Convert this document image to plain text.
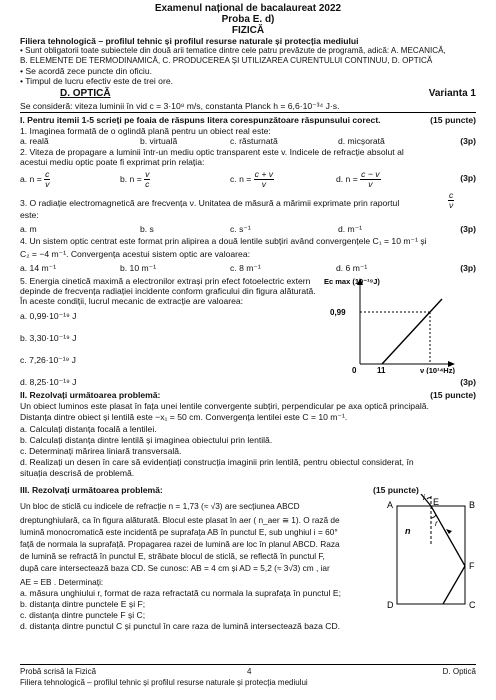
Examenul național de bacalaureat 2022
Proba E. d)
FIZICĂ
Filiera tehnologică – profilul tehnic și profilul resurse naturale și protecția mediului
• Sunt obligatorii toate subiectele din două arii tematice dintre cele patru prevăzute de programă, adică: A. MECANICĂ,
B. ELEMENTE DE TERMODINAMICĂ, C. PRODUCEREA ȘI UTILIZAREA CURENTULUI CONTINUU, D. OPTICĂ
• Se acordă zece puncte din oficiu.
• Timpul de lucru efectiv este de trei ore.
D. OPTICĂ	Varianta 1
Se consideră: viteza luminii în vid c = 3·10⁸ m/s, constanta Planck h = 6,6·10⁻³⁴ J·s.
I. Pentru itemii 1-5 scrieți pe foaia de răspuns litera corespunzătoare răspunsului corect.	(15 puncte)
1. Imaginea formată de o oglindă plană pentru un obiect real este:
a. reală	b. virtuală	c. răsturnată	d. micșorată	(3p)
2. Viteza de propagare a luminii într-un mediu optic transparent este v. Indicele de refracție absolut al
acestui mediu optic poate fi exprimat prin relația:
a. $n = \frac{c}{v}$	b. $n = \frac{v}{c}$	c. $n = \frac{c + v}{v}$	d. $n = \frac{c - v}{v}$	(3p)
3. O radiație electromagnetică are frecvența ν. Unitatea de măsură a mărimii exprimate prin raportul	$\frac{c}{\nu}$
este:
a. m	b. s	c. s⁻¹	d. m⁻¹	(3p)
4. Un sistem optic centrat este format prin alipirea a două lentile subțiri având convergențele C₁ = 10 m⁻¹ și
C₂ = −4 m⁻¹. Convergența acestui sistem optic are valoarea:
a. 14 m⁻¹	b. 10 m⁻¹	c. 8 m⁻¹	d. 6 m⁻¹	(3p)
5. Energia cinetică maximă a electronilor extrași prin efect fotoelectric extern
depinde de frecvența radiației incidente conform graficului din figura alăturată.
În aceste condiții, lucrul mecanic de extracție are valoarea:
a. 0,99·10⁻¹⁹ J
b. 3,30·10⁻¹⁹ J
c. 7,26·10⁻¹⁹ J
d. 8,25·10⁻¹⁹ J	(3p)
Ec max (10⁻¹⁹J)
0,99
0	11	ν (10¹⁴Hz)
II. Rezolvați următoarea problemă:	(15 puncte)
Un obiect luminos este plasat în fața unei lentile convergente subțiri, perpendicular pe axa optică principală.
Distanța dintre obiect și lentilă este −x₁ = 50 cm. Convergența lentilei este C = 10 m⁻¹.
a. Calculați distanța focală a lentilei.
b. Calculați distanța dintre lentilă și imaginea obiectului prin lentilă.
c. Determinați mărirea liniară transversală.
d. Realizați un desen în care să evidențiați construcția imaginii prin lentilă, pentru obiectul considerat, în
situația descrisă de problemă.
III. Rezolvați următoarea problemă:	(15 puncte)
Un bloc de sticlă cu indicele de refracție n = 1,73 (≈ √3) are secțiunea ABCD
dreptunghiulară, ca în figura alăturată. Blocul este plasat în aer ( n_aer ≅ 1). O rază de
lumină monocromatică este incidentă pe suprafața AB în punctul E, sub unghiul i = 60°
față de normala la suprafață. Propagarea razei de lumină are loc în planul ABCD. Raza
de lumină se refractă în punctul E, străbate blocul de sticlă, se reflectă în punctul F,
după care intersectează baza CD. Se cunosc: AB = 4 cm și AD = 5,2 (≈ 3√3) cm , iar
AE = EB . Determinați:
a. măsura unghiului r, format de raza refractată cu normala la suprafața în punctul E;
b. distanța dintre punctele E și F;
c. distanța dintre punctele F și C;
d. distanța dintre punctul C și punctul în care raza de lumină intersectează baza CD.
A	E	B
D	C
F
n
i
r
Probă scrisă la Fizică	4	D. Optică
Filiera tehnologică – profilul tehnic și profilul resurse naturale și protecția mediului
